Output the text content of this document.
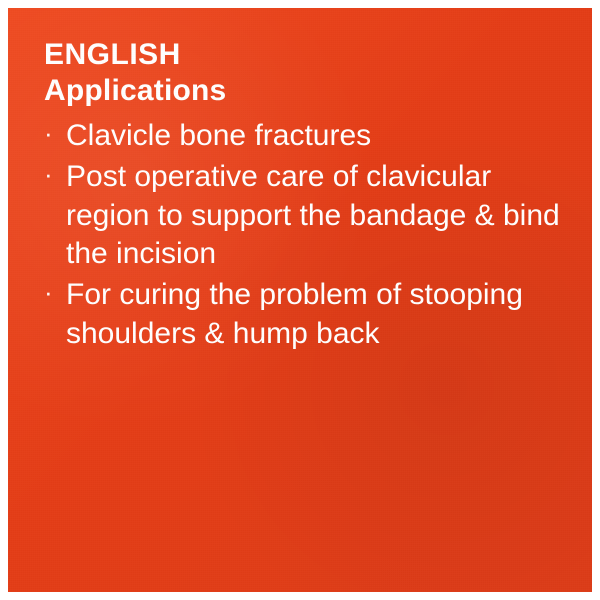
ENGLISH
Applications
· Clavicle bone fractures
· Post operative care of clavicular region to support the bandage & bind the incision
· For curing the problem of stooping shoulders & hump back
